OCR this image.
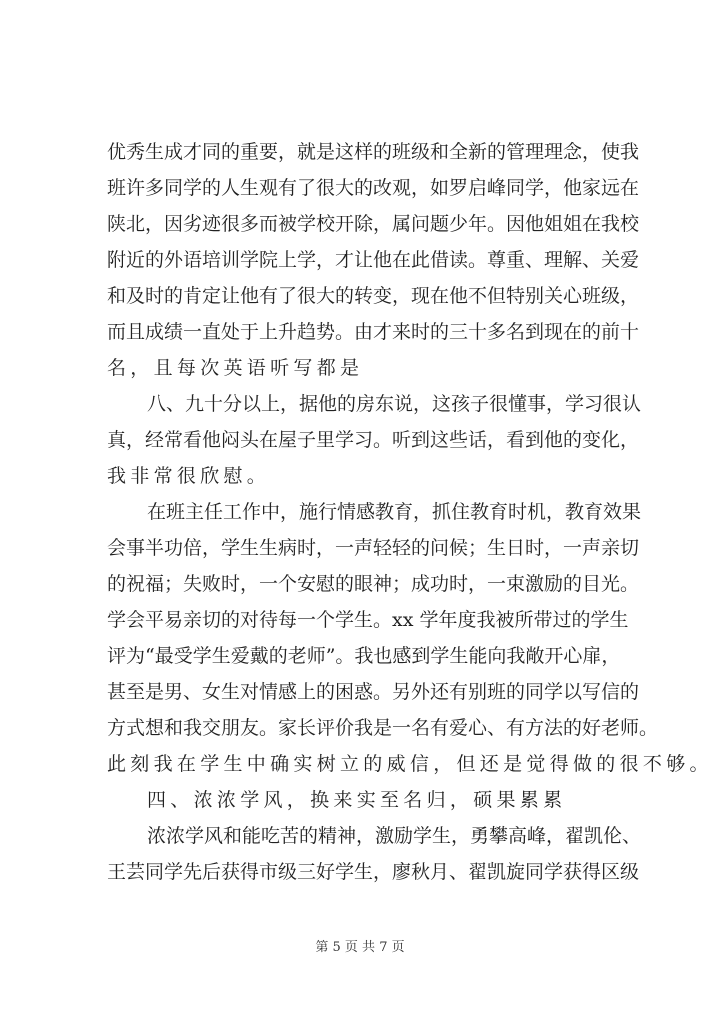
优秀生成才同的重要，就是这样的班级和全新的管理理念，使我
班许多同学的人生观有了很大的改观，如罗启峰同学，他家远在
陕北，因劣迹很多而被学校开除，属问题少年。因他姐姐在我校
附近的外语培训学院上学，才让他在此借读。尊重、理解、关爱
和及时的肯定让他有了很大的转变，现在他不但特别关心班级，
而且成绩一直处于上升趋势。由才来时的三十多名到现在的前十
名，且每次英语听写都是
八、九十分以上，据他的房东说，这孩子很懂事，学习很认
真，经常看他闷头在屋子里学习。听到这些话，看到他的变化，
我非常很欣慰。
在班主任工作中，施行情感教育，抓住教育时机，教育效果
会事半功倍，学生生病时，一声轻轻的问候；生日时，一声亲切
的祝福；失败时，一个安慰的眼神；成功时，一束激励的目光。
学会平易亲切的对待每一个学生。xx 学年度我被所带过的学生
评为“最受学生爱戴的老师”。我也感到学生能向我敞开心扉，
甚至是男、女生对情感上的困惑。另外还有别班的同学以写信的
方式想和我交朋友。家长评价我是一名有爱心、有方法的好老师。
此刻我在学生中确实树立的威信，但还是觉得做的很不够。
四、浓浓学风，换来实至名归，硕果累累
浓浓学风和能吃苦的精神，激励学生，勇攀高峰，翟凯伦、
王芸同学先后获得市级三好学生，廖秋月、翟凯旋同学获得区级
第 5 页 共 7 页
